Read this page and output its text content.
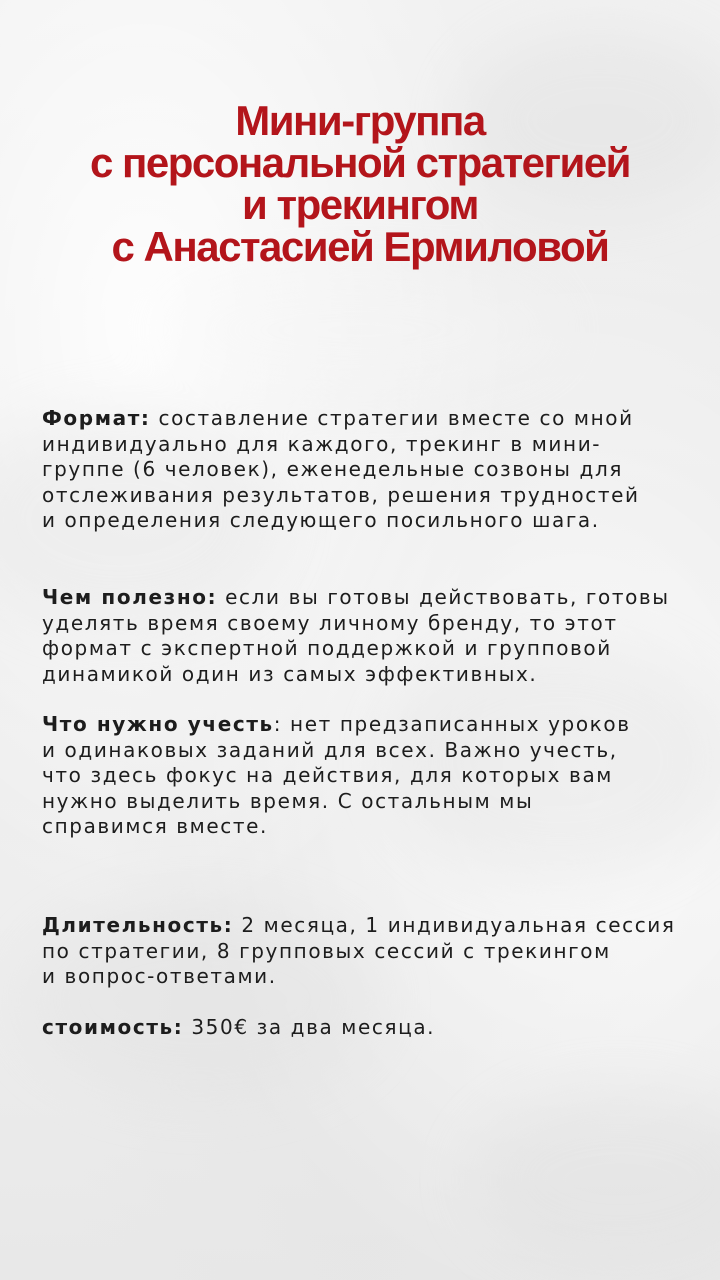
Мини-группа
с персональной стратегией
и трекингом
с Анастасией Ермиловой
Формат: составление стратегии вместе со мной
индивидуально для каждого, трекинг в мини-
группе (6 человек), еженедельные созвоны для
отслеживания результатов, решения трудностей
и определения следующего посильного шага.
Чем полезно: если вы готовы действовать, готовы
уделять время своему личному бренду, то этот
формат с экспертной поддержкой и групповой
динамикой один из самых эффективных.
Что нужно учесть: нет предзаписанных уроков
и одинаковых заданий для всех. Важно учесть,
что здесь фокус на действия, для которых вам
нужно выделить время. С остальным мы
справимся вместе.
Длительность: 2 месяца, 1 индивидуальная сессия
по стратегии, 8 групповых сессий с трекингом
и вопрос-ответами.
стоимость: 350€ за два месяца.
